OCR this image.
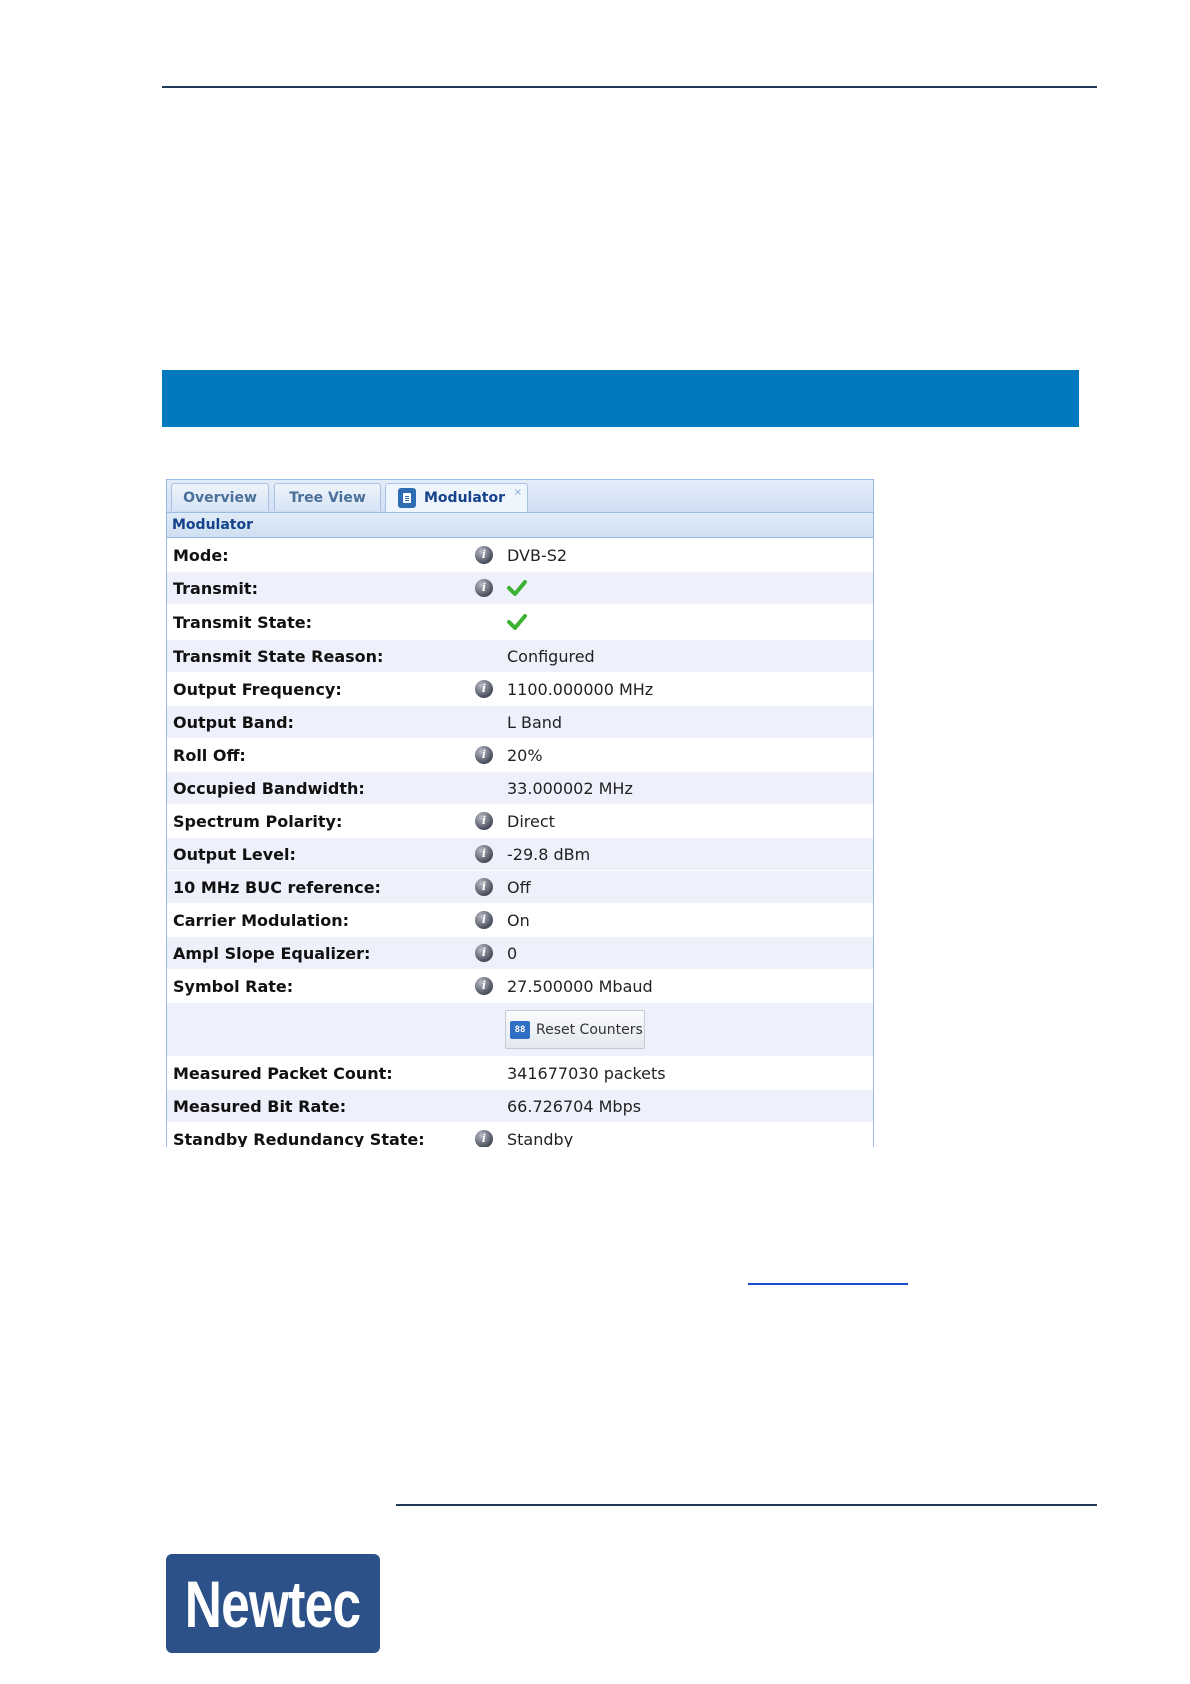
Overview Tree View	Modulator ×
Modulator
Mode:	i	DVB-S2
Transmit:	i
Transmit State:
Transmit State Reason:	Configured
Output Frequency:	i	1100.000000 MHz
Output Band:	L Band
Roll Off:	i	20%
Occupied Bandwidth:	33.000002 MHz
Spectrum Polarity:	i	Direct
Output Level:	i	-29.8 dBm
10 MHz BUC reference:	i	Off
Carrier Modulation:	i	On
Ampl Slope Equalizer:	i	0
Symbol Rate:	i	27.500000 Mbaud
88 Reset Counters
Measured Packet Count:	341677030 packets
Measured Bit Rate:	66.726704 Mbps
Standby Redundancy State:	i	Standby
Newtec
